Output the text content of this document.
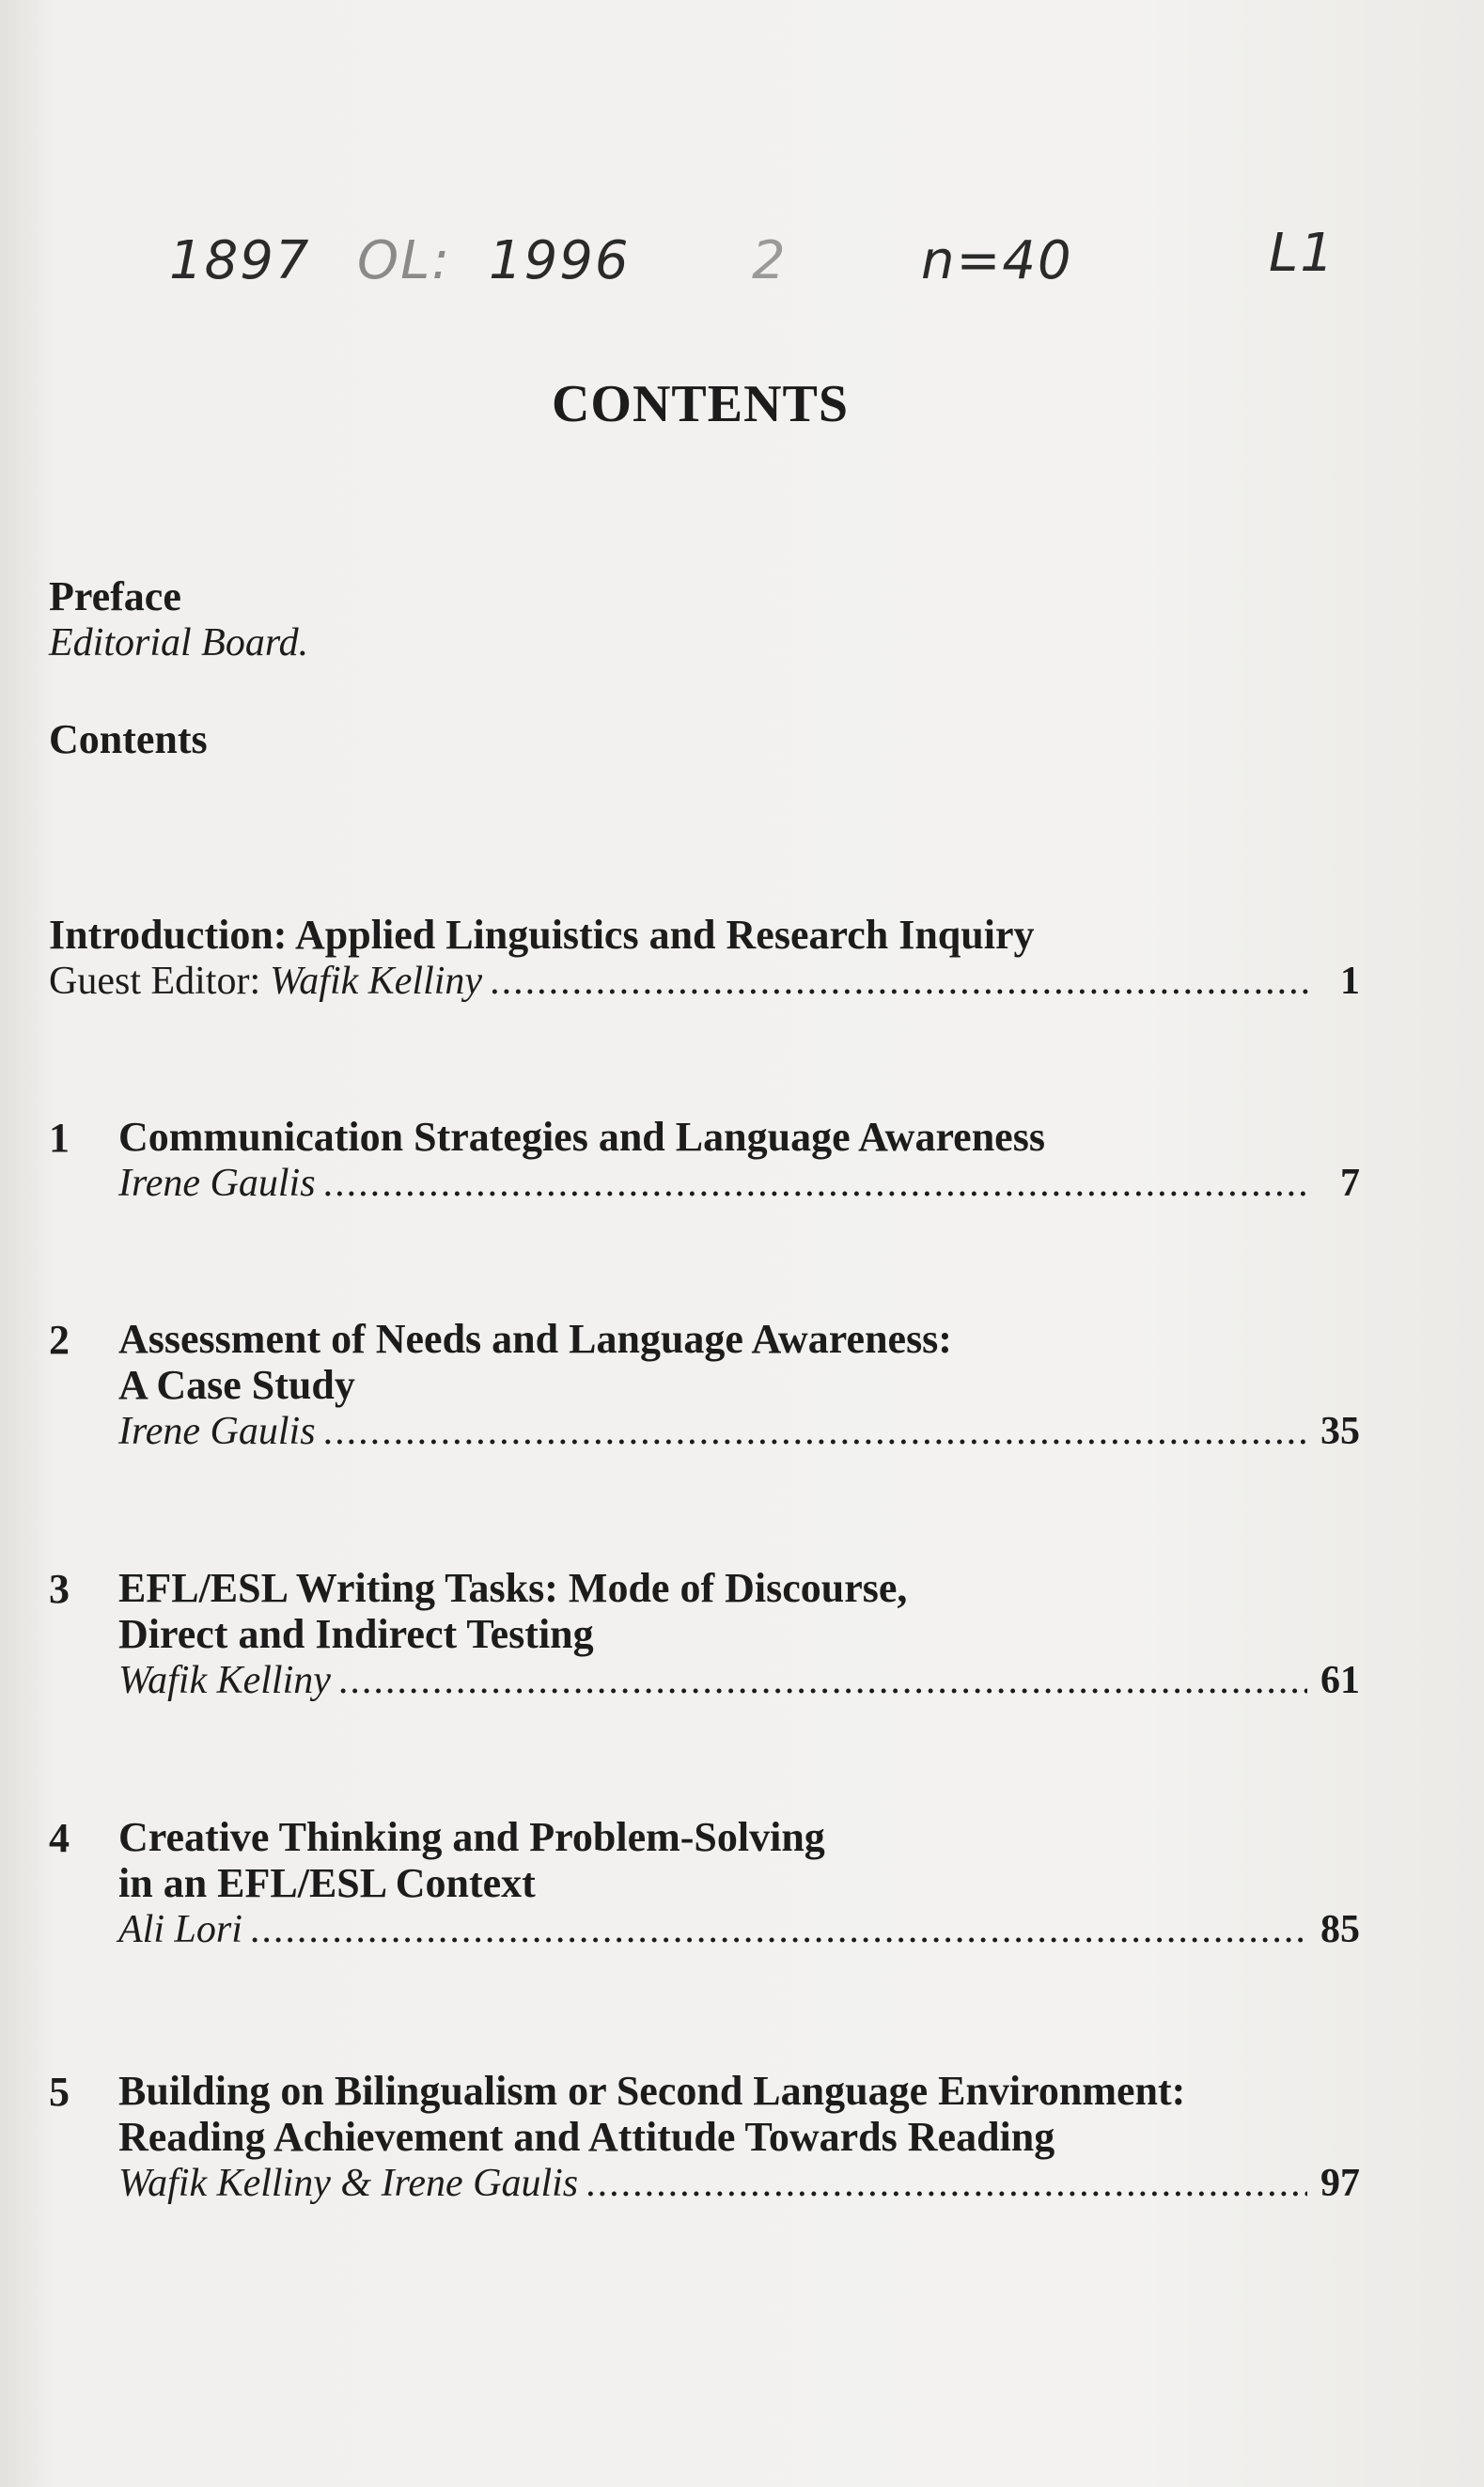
1897 OL: 1996 2	n=40	L1
CONTENTS
Preface
Editorial Board.
Contents
Introduction: Applied Linguistics and Research Inquiry
Guest Editor: Wafik Kelliny .....	1
1 Communication Strategies and Language Awareness
Irene Gaulis .....	7
2 Assessment of Needs and Language Awareness:
A Case Study
Irene Gaulis .....	35
3 EFL/ESL Writing Tasks: Mode of Discourse,
Direct and Indirect Testing
Wafik Kelliny .....	61
4 Creative Thinking and Problem-Solving
in an EFL/ESL Context
Ali Lori .....	85
5 Building on Bilingualism or Second Language Environment:
Reading Achievement and Attitude Towards Reading
Wafik Kelliny & Irene Gaulis .....	97
